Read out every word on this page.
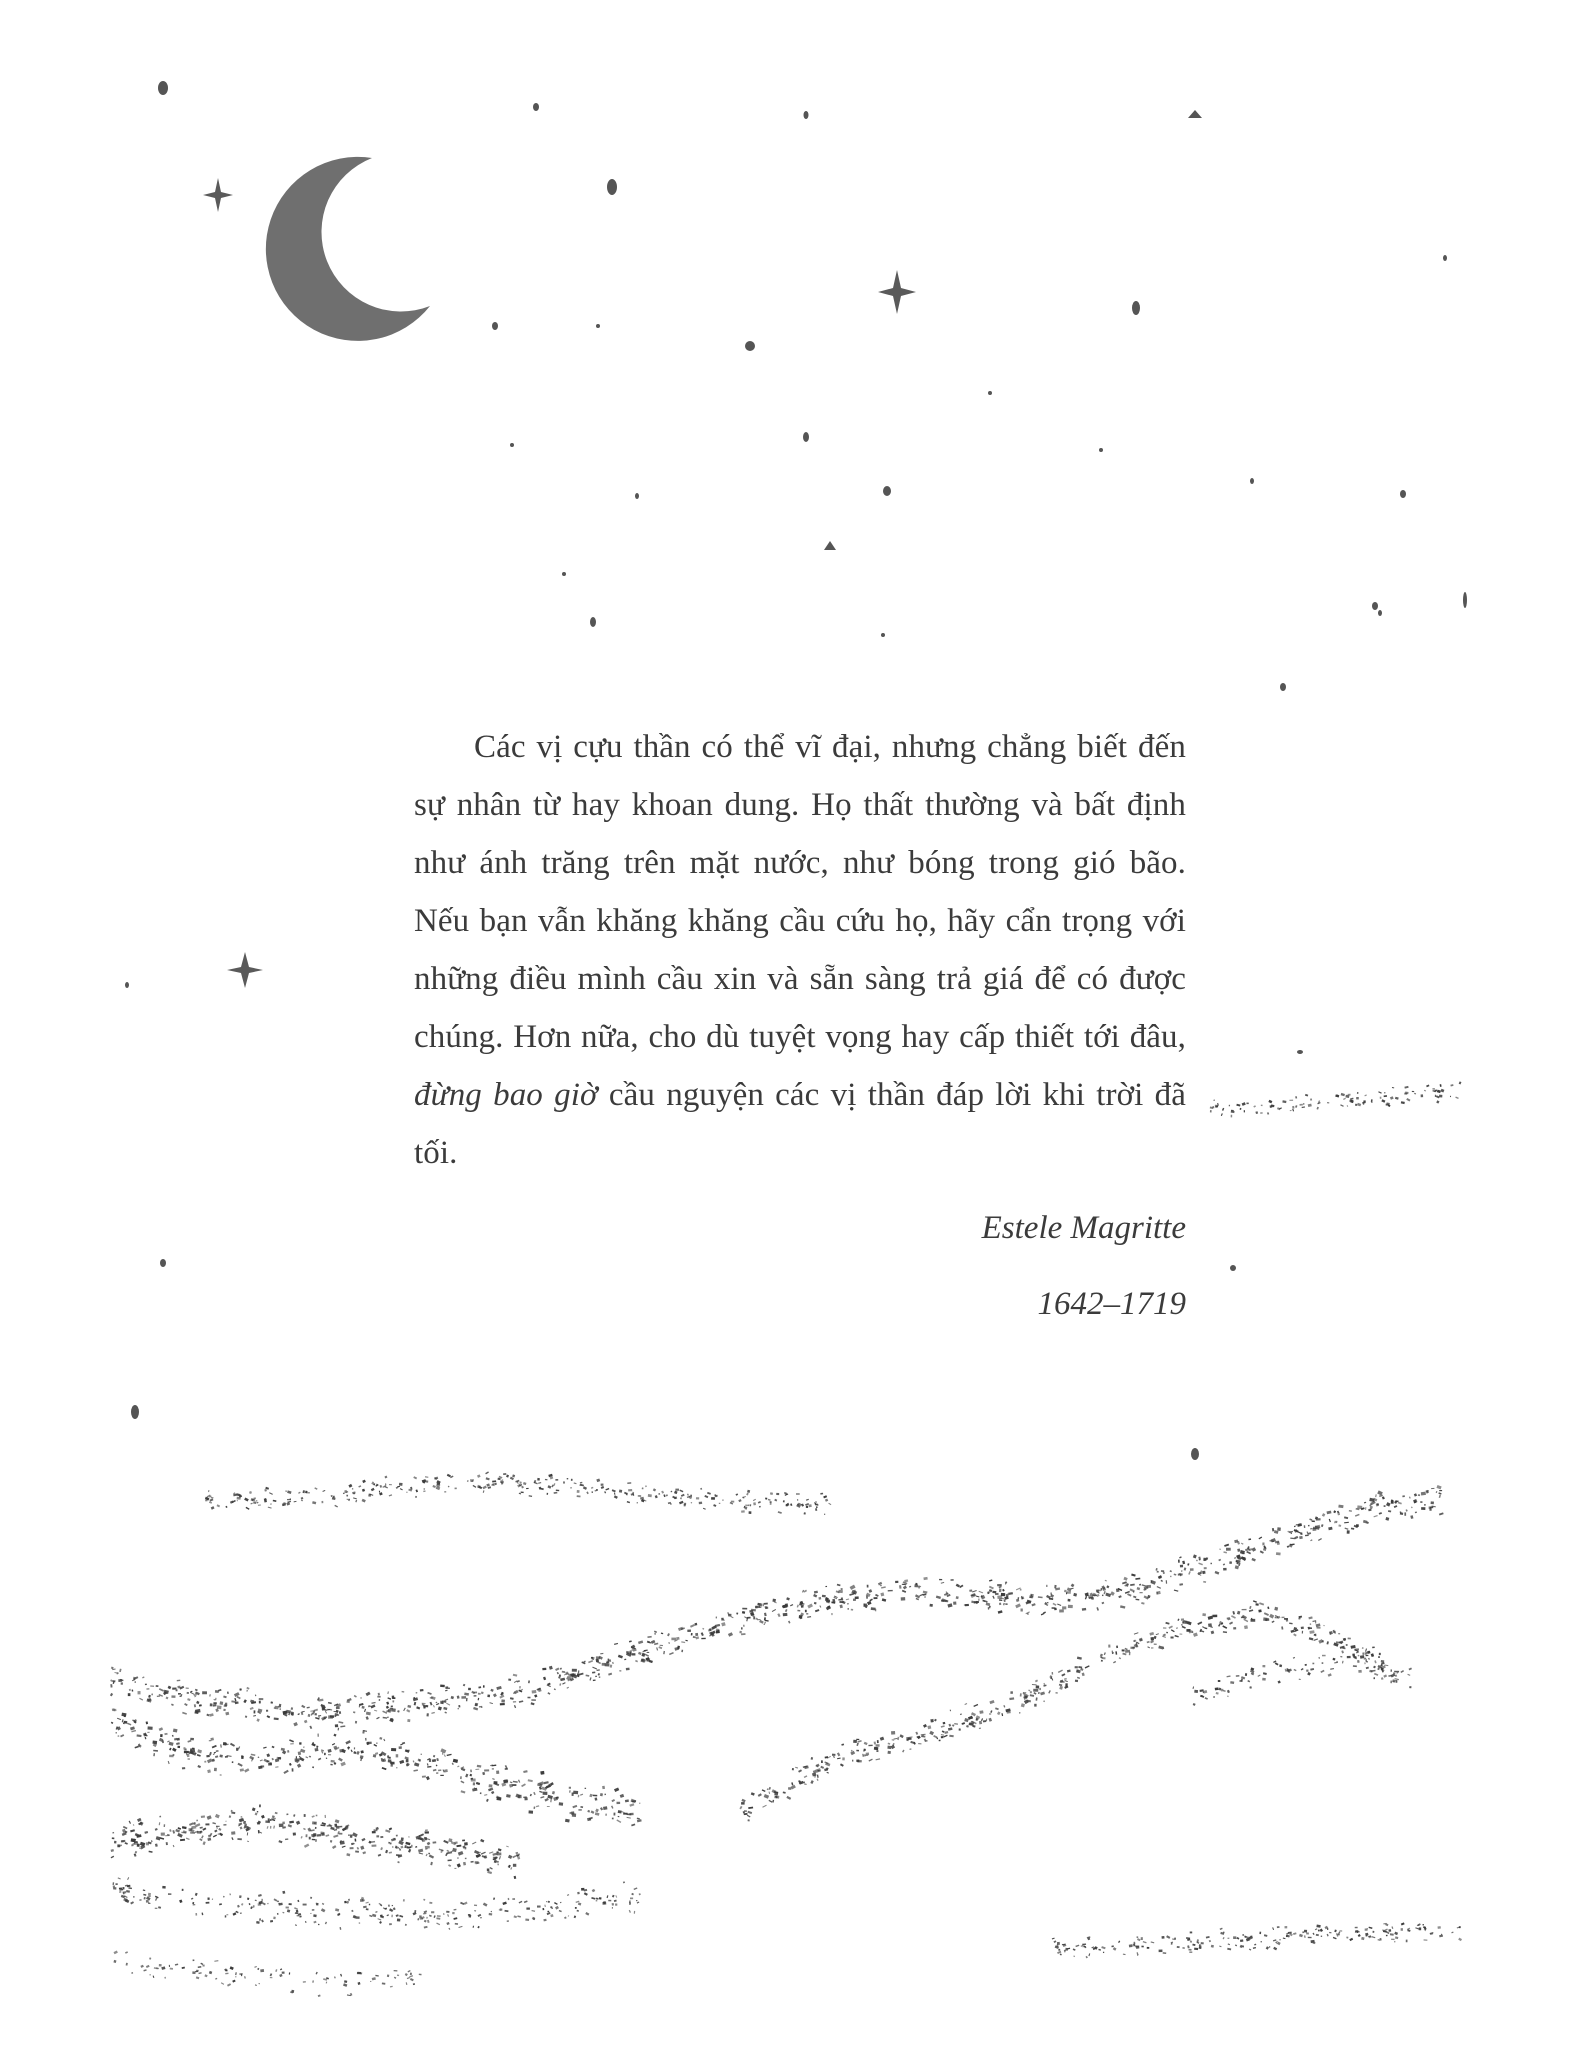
Các vị cựu thần có thể vĩ đại, nhưng chẳng biết đến sự nhân từ hay khoan dung. Họ thất thường và bất định như ánh trăng trên mặt nước, như bóng trong gió bão. Nếu bạn vẫn khăng khăng cầu cứu họ, hãy cẩn trọng với những điều mình cầu xin và sẵn sàng trả giá để có được chúng. Hơn nữa, cho dù tuyệt vọng hay cấp thiết tới đâu, đừng bao giờ cầu nguyện các vị thần đáp lời khi trời đã tối.

Estele Magritte
1642–1719
